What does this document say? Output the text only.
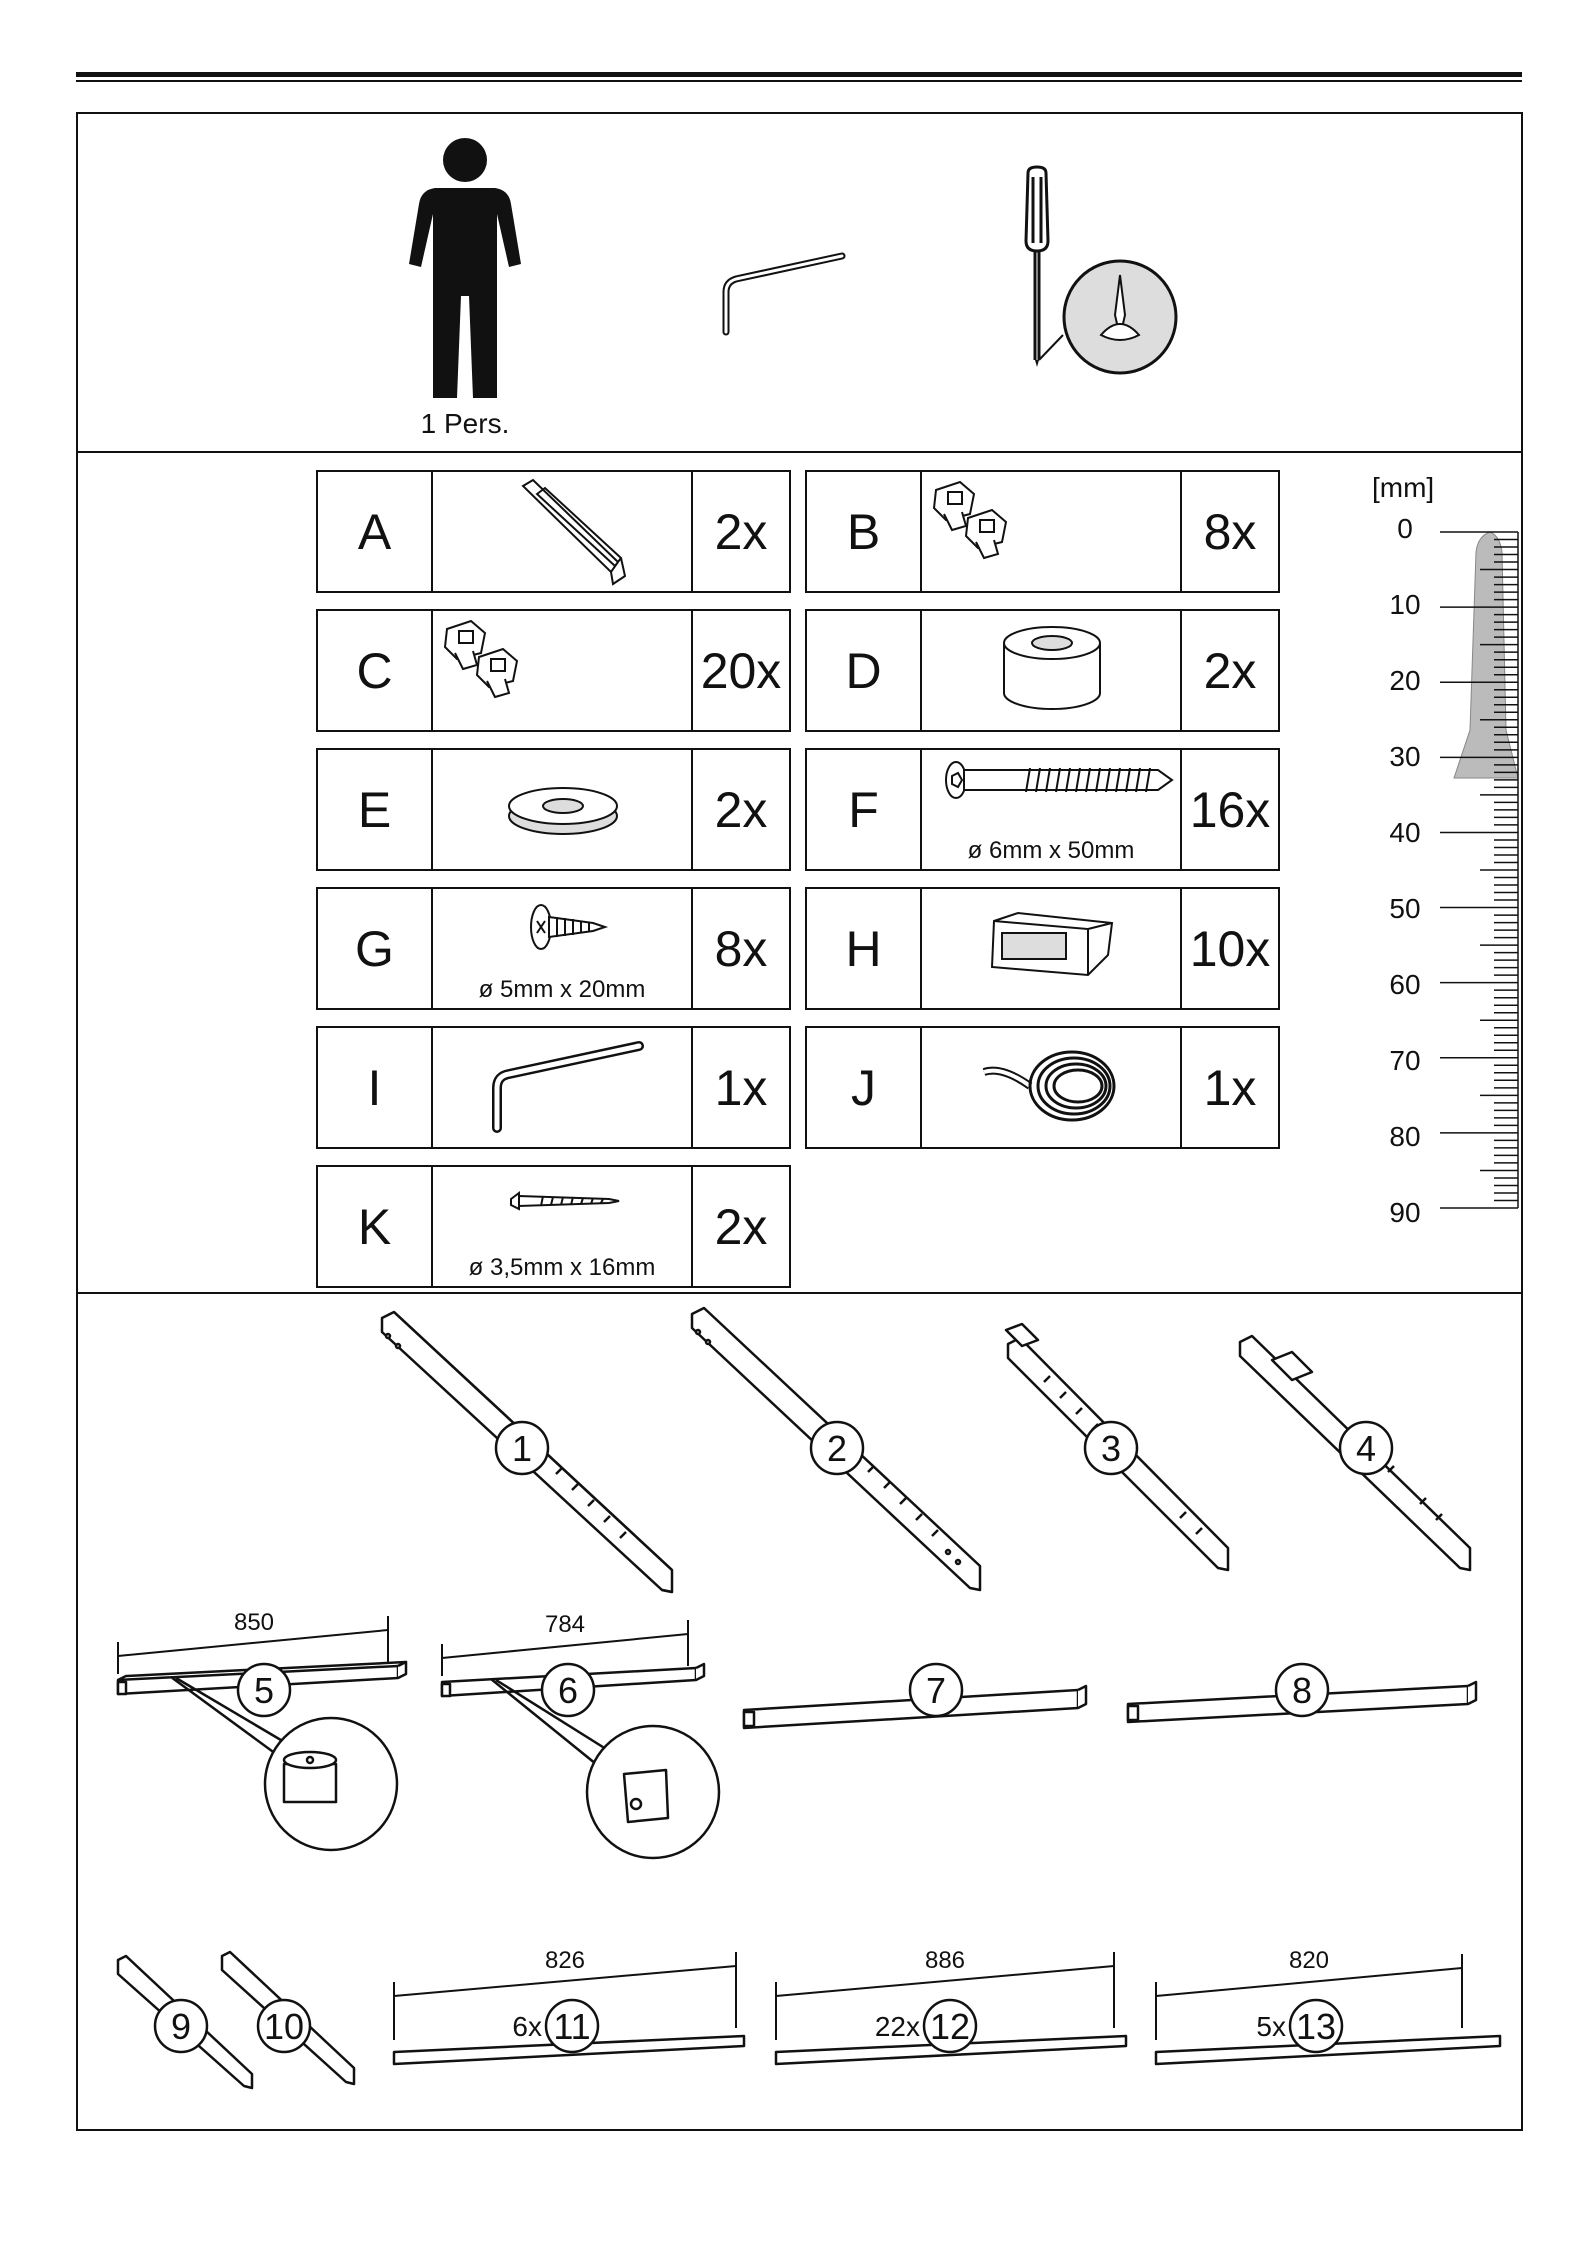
1 Pers.
A		2x

C		20x

E		2x

G	ø 5mm x 20mm	8x

I		1x

K	ø 3,5mm x 16mm	2x
B		8x

D		2x

F	ø 6mm x 50mm	16x

H		10x

J		1x
[mm]
0
10
20
30
40
50
60
70
80
90
1	2	3	4
5	6	7	8
9 10	11	12	13
850	784
826	886	820
6x	22x	5x
